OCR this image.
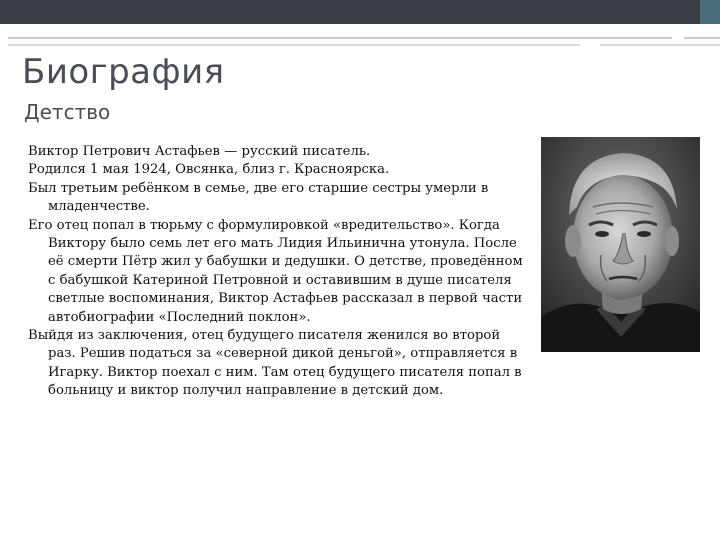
Биография
Детство

Виктор Петрович Астафьев — русский писатель.

Родился 1 мая 1924, Овсянка, близ г. Красноярска.

Был третьим ребёнком в семье, две его старшие сестры умерли в младенчестве.

Его отец попал в тюрьму с формулировкой «вредительство». Когда Виктору было семь лет его мать Лидия Ильинична утонула. После её смерти Пётр жил у бабушки и дедушки. О детстве, проведённом с бабушкой Катериной Петровной и оставившим в душе писателя светлые воспоминания, Виктор Астафьев рассказал в первой части автобиографии «Последний поклон».

Выйдя из заключения, отец будущего писателя женился во второй раз. Решив податься за «северной дикой деньгой», отправляется в Игарку. Виктор поехал с ним. Там отец будущего писателя попал в больницу и виктор получил направление в детский дом.
